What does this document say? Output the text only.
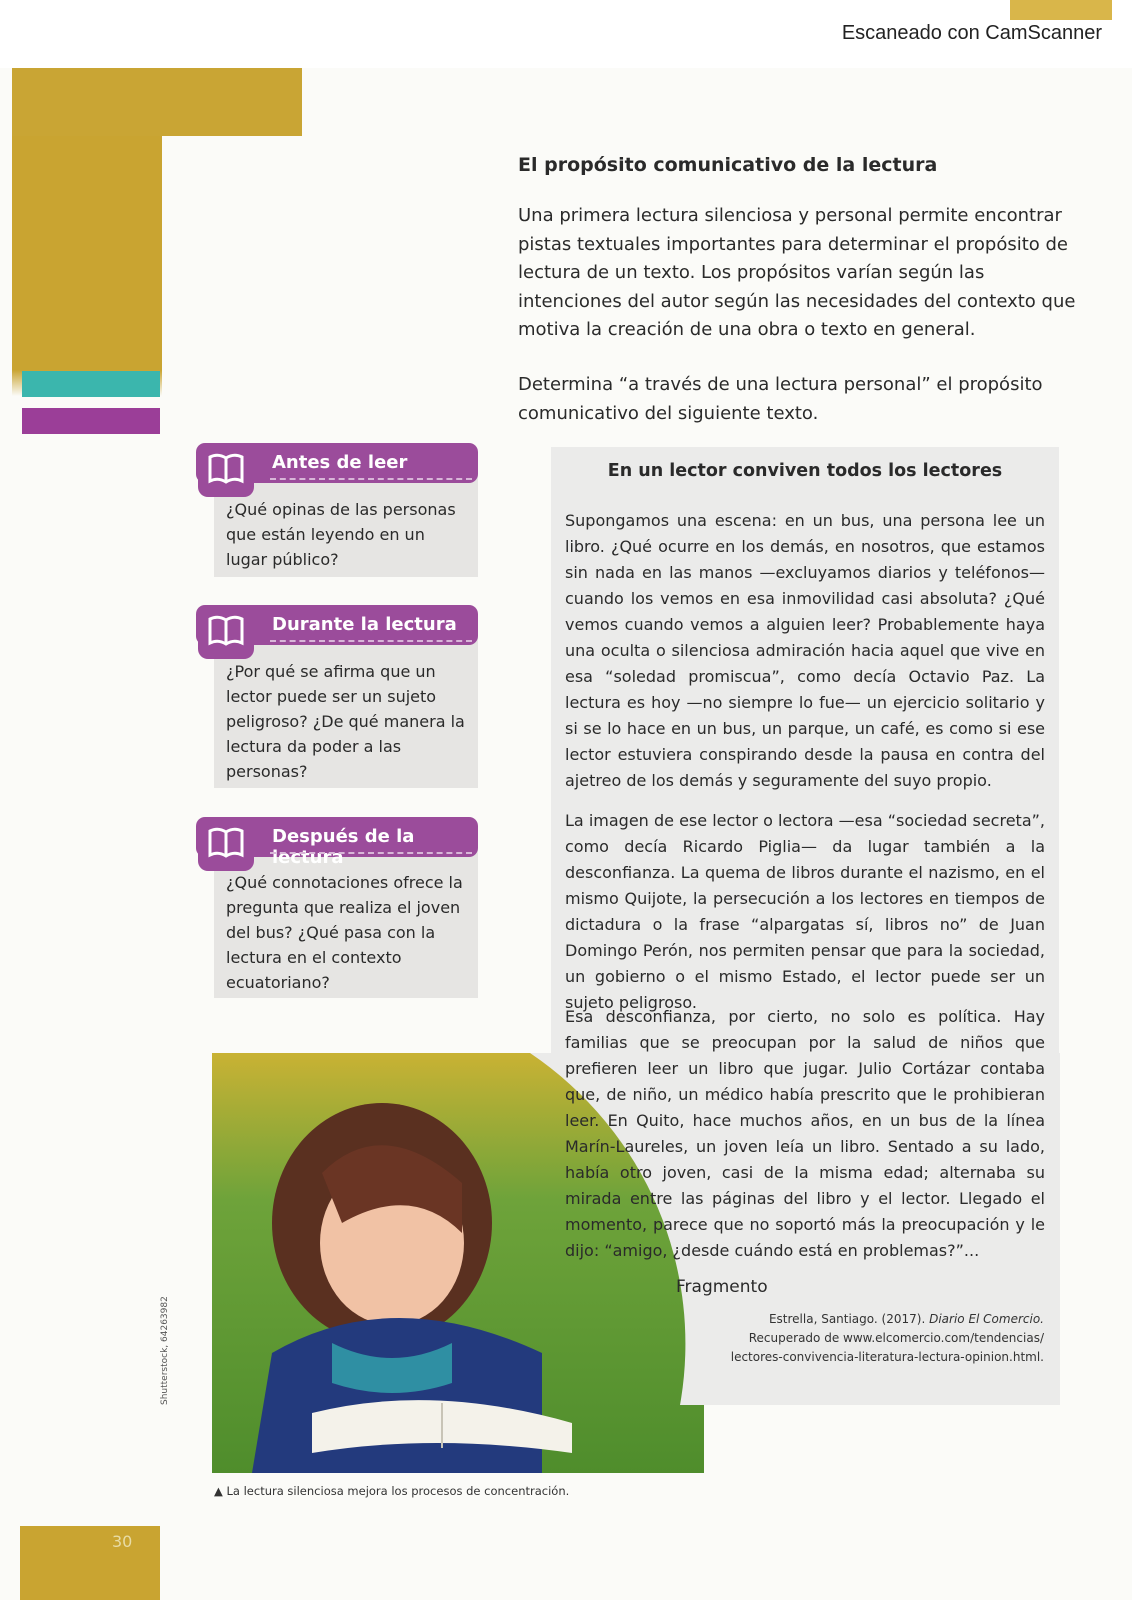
Escaneado con CamScanner
30
El propósito comunicativo de la lectura
Una primera lectura silenciosa y personal permite encontrar pistas textuales importantes para determinar el propósito de lectura de un texto. Los propósitos varían según las intenciones del autor según las necesidades del contexto que motiva la creación de una obra o texto en general.
Determina “a través de una lectura personal” el propósito comunicativo del siguiente texto.
Antes de leer
¿Qué opinas de las personas que están leyendo en un lugar público?
Durante la lectura
¿Por qué se afirma que un lector puede ser un sujeto peligroso? ¿De qué manera la lectura da poder a las personas?
Después de la lectura
¿Qué connotaciones ofrece la pregunta que realiza el joven del bus? ¿Qué pasa con la lectura en el contexto ecuatoriano?
En un lector conviven todos los lectores
Supongamos una escena: en un bus, una persona lee un libro. ¿Qué ocurre en los demás, en nosotros, que estamos sin nada en las manos —excluyamos diarios y teléfonos— cuando los vemos en esa inmovilidad casi absoluta? ¿Qué vemos cuando vemos a alguien leer? Probablemente haya una oculta o silenciosa admiración hacia aquel que vive en esa “soledad promiscua”, como decía Octavio Paz. La lectura es hoy —no siempre lo fue— un ejercicio solitario y si se lo hace en un bus, un parque, un café, es como si ese lector estuviera conspirando desde la pausa en contra del ajetreo de los demás y seguramente del suyo propio.
La imagen de ese lector o lectora —esa “sociedad secreta”, como decía Ricardo Piglia— da lugar también a la desconfianza. La quema de libros durante el nazismo, en el mismo Quijote, la persecución a los lectores en tiempos de dictadura o la frase “alpargatas sí, libros no” de Juan Domingo Perón, nos permiten pensar que para la sociedad, un gobierno o el mismo Estado, el lector puede ser un sujeto peligroso.
Esa desconfianza, por cierto, no solo es política. Hay familias que se preocupan por la salud de niños que prefieren leer un libro que jugar. Julio Cortázar contaba que, de niño, un médico había prescrito que le prohibieran leer. En Quito, hace muchos años, en un bus de la línea Marín-Laureles, un joven leía un libro. Sentado a su lado, había otro joven, casi de la misma edad; alternaba su mirada entre las páginas del libro y el lector. Llegado el momento, parece que no soportó más la preocupación y le dijo: “amigo, ¿desde cuándo está en problemas?”...
Fragmento
Estrella, Santiago. (2017). Diario El Comercio.
Recuperado de www.elcomercio.com/tendencias/
lectores-convivencia-literatura-lectura-opinion.html.
▲ La lectura silenciosa mejora los procesos de concentración.
Shutterstock, 64263982
